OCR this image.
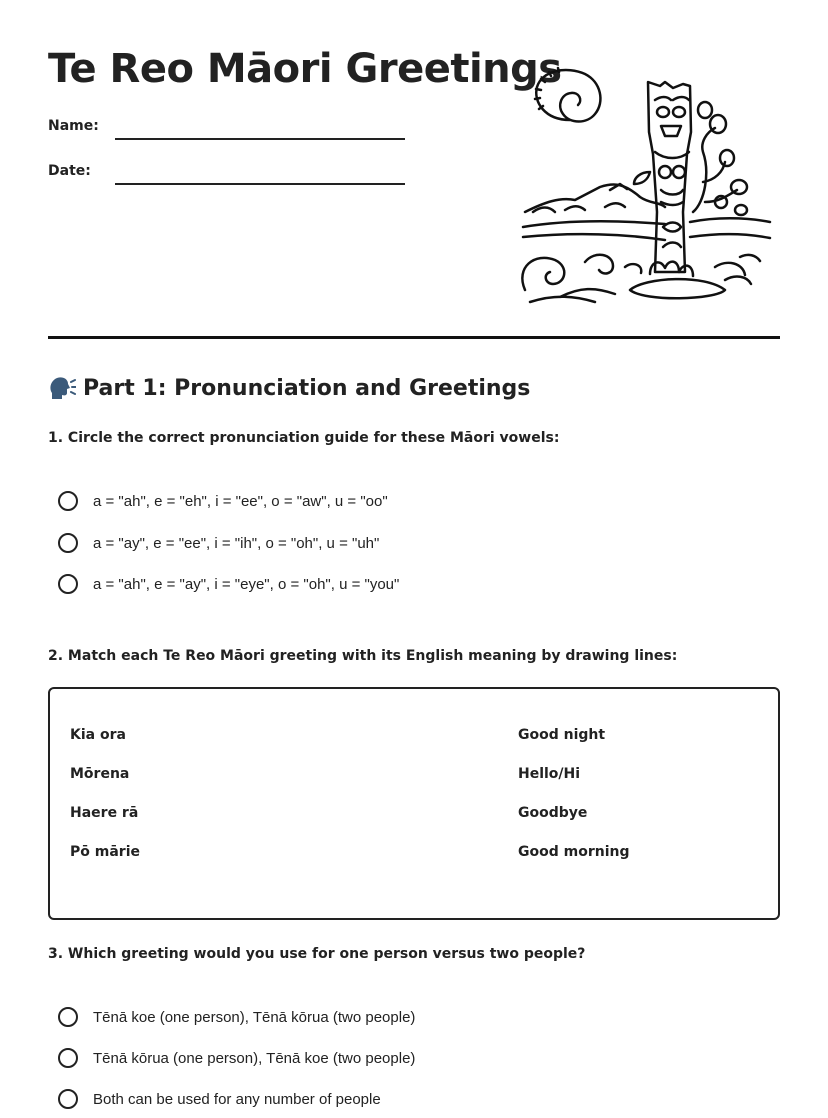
Te Reo Māori Greetings
Name:
Date:
Part 1: Pronunciation and Greetings
1. Circle the correct pronunciation guide for these Māori vowels:
a = "ah", e = "eh", i = "ee", o = "aw", u = "oo"
a = "ay", e = "ee", i = "ih", o = "oh", u = "uh"
a = "ah", e = "ay", i = "eye", o = "oh", u = "you"
2. Match each Te Reo Māori greeting with its English meaning by drawing lines:
Kia ora
Mōrena
Haere rā
Pō mārie
Good night
Hello/Hi
Goodbye
Good morning
3. Which greeting would you use for one person versus two people?
Tēnā koe (one person), Tēnā kōrua (two people)
Tēnā kōrua (one person), Tēnā koe (two people)
Both can be used for any number of people
